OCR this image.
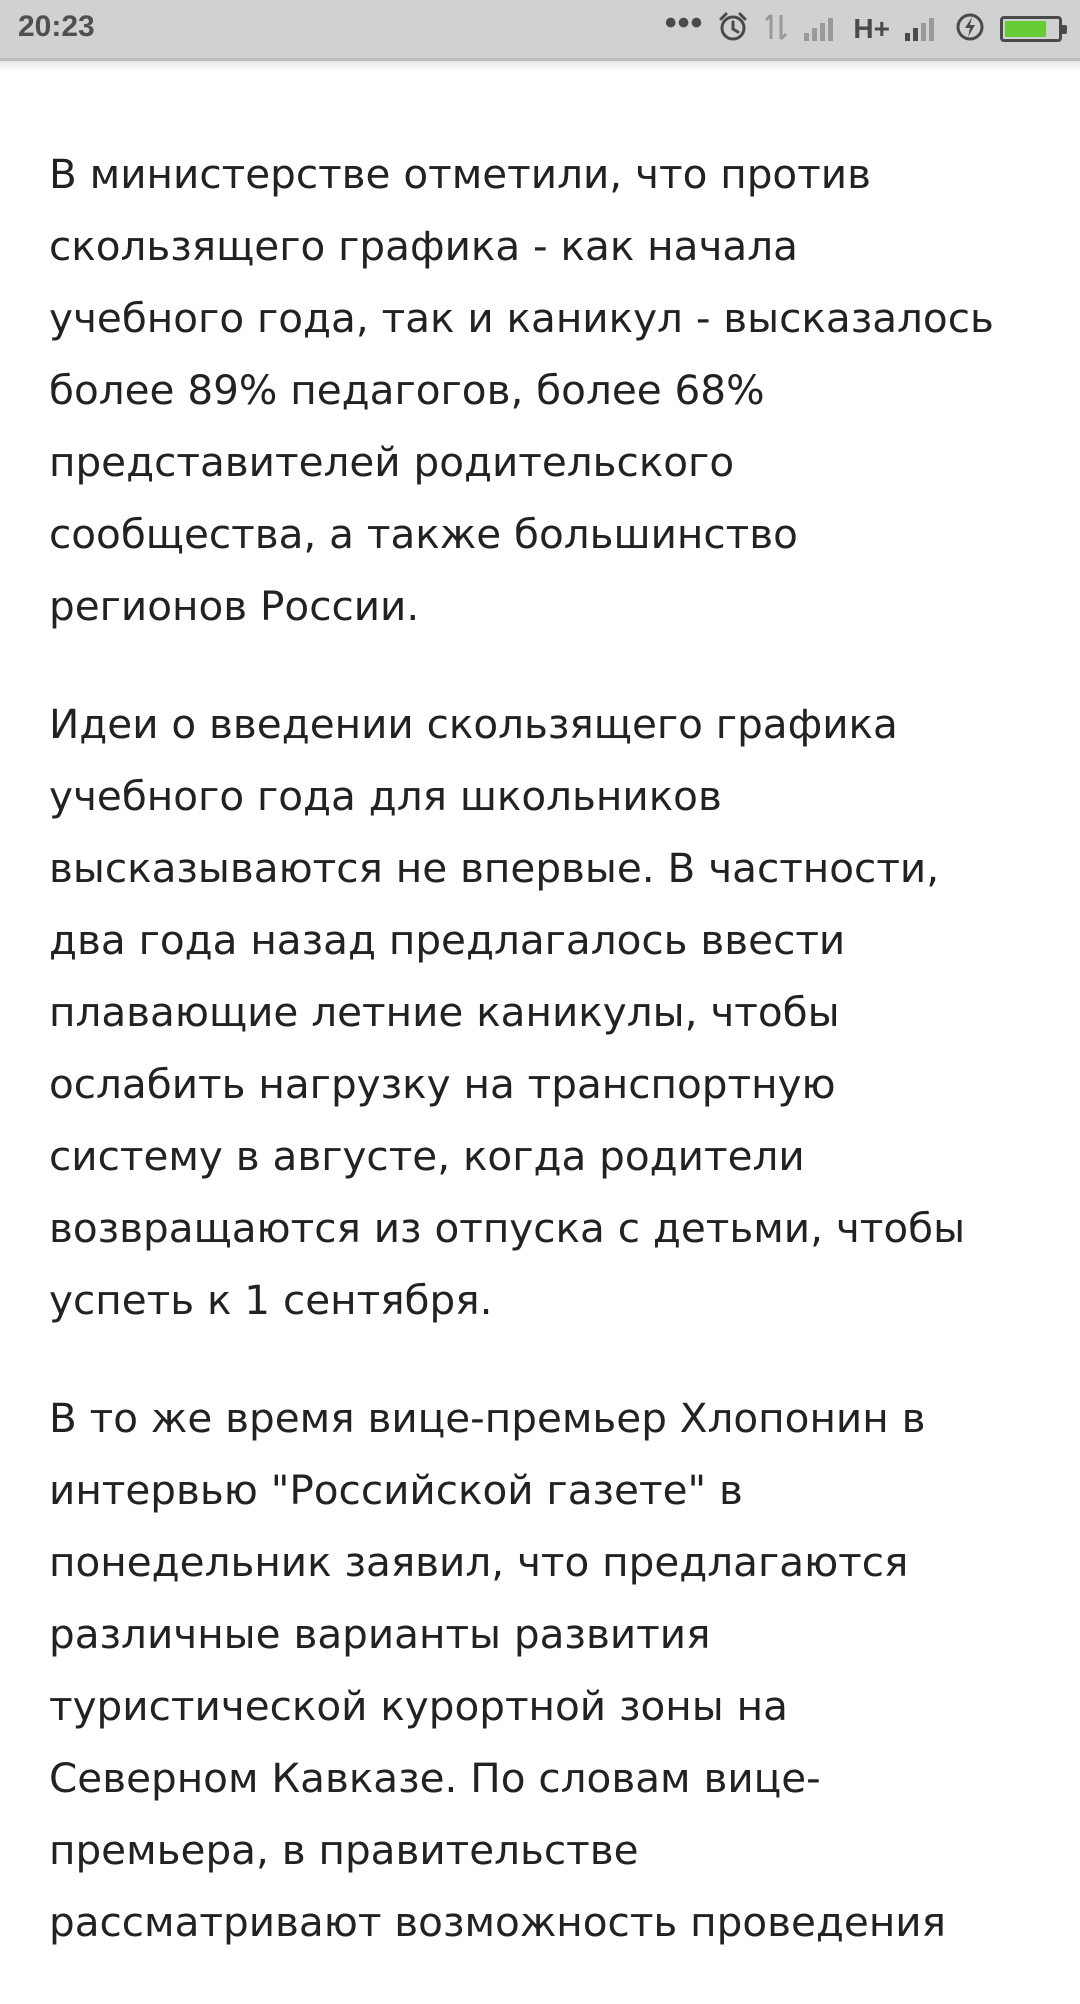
20:23	•••	H+

В министерстве отметили, что против
скользящего графика - как начала
учебного года, так и каникул - высказалось
более 89% педагогов, более 68%
представителей родительского
сообщества, а также большинство
регионов России.

Идеи о введении скользящего графика
учебного года для школьников
высказываются не впервые. В частности,
два года назад предлагалось ввести
плавающие летние каникулы, чтобы
ослабить нагрузку на транспортную
систему в августе, когда родители
возвращаются из отпуска с детьми, чтобы
успеть к 1 сентября.

В то же время вице-премьер Хлопонин в
интервью "Российской газете" в
понедельник заявил, что предлагаются
различные варианты развития
туристической курортной зоны на
Северном Кавказе. По словам вице-
премьера, в правительстве
рассматривают возможность проведения
